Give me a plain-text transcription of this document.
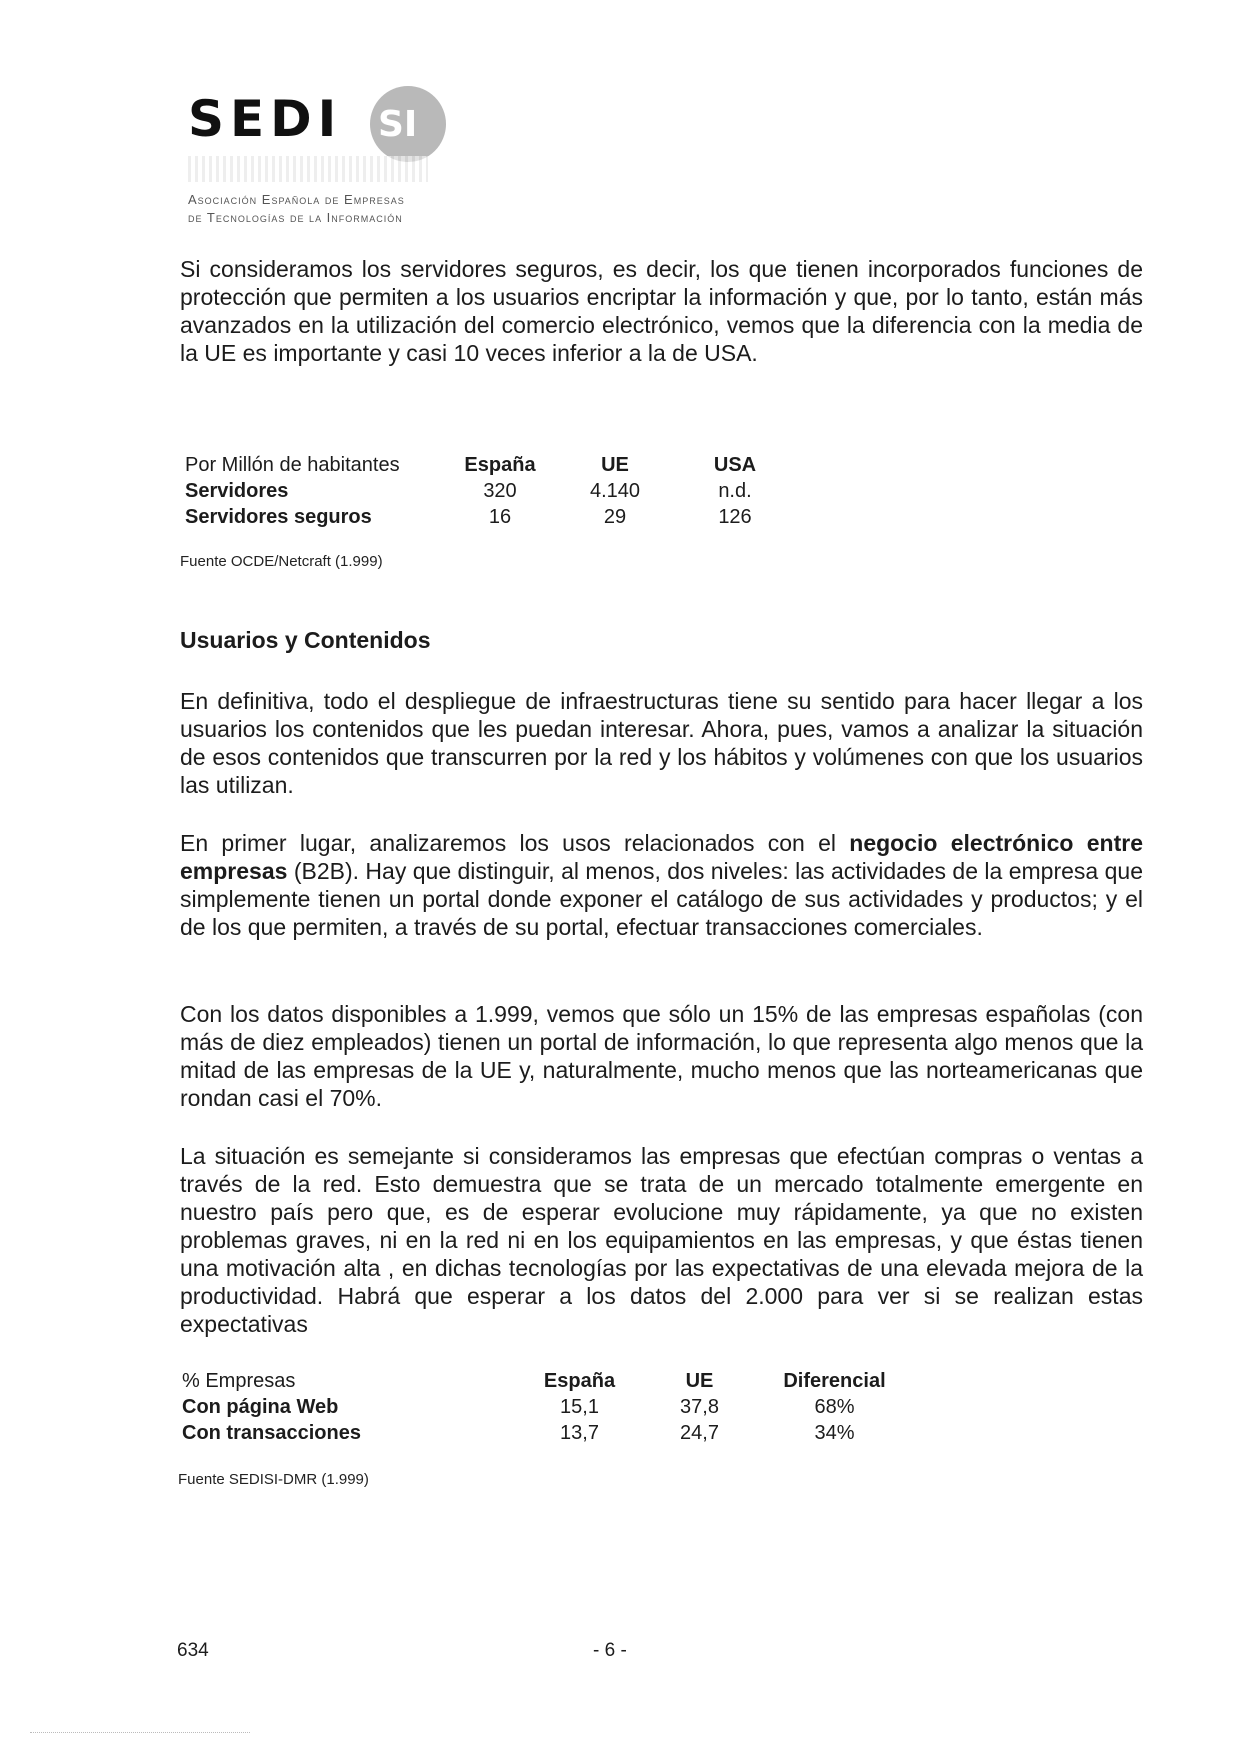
SEDI SI
Asociación Española de Empresas
de Tecnologías de la Información

Si consideramos los servidores seguros, es decir, los que tienen incorporados funciones de protección que permiten a los usuarios encriptar la información y que, por lo tanto, están más avanzados en la utilización del comercio electrónico, vemos que la diferencia con la media de la UE es importante y casi 10 veces inferior a la de USA.

Por Millón de habitantes	España	UE	USA
Servidores	320	4.140	n.d.
Servidores seguros	16	29	126
Fuente OCDE/Netcraft (1.999)
Usuarios y Contenidos

En definitiva, todo el despliegue de infraestructuras tiene su sentido para hacer llegar a los usuarios los contenidos que les puedan interesar. Ahora, pues, vamos a analizar la situación de esos contenidos que transcurren por la red y los hábitos y volúmenes con que los usuarios las utilizan.

En primer lugar, analizaremos los usos relacionados con el negocio electrónico entre empresas (B2B). Hay que distinguir, al menos, dos niveles: las actividades de la empresa que simplemente tienen un portal donde exponer el catálogo de sus actividades y productos; y el de los que permiten, a través de su portal, efectuar transacciones comerciales.

Con los datos disponibles a 1.999, vemos que sólo un 15% de las empresas españolas (con más de diez empleados) tienen un portal de información, lo que representa algo menos que la mitad de las empresas de la UE y, naturalmente, mucho menos que las norteamericanas que rondan casi el 70%.

La situación es semejante si consideramos las empresas que efectúan compras o ventas a través de la red. Esto demuestra que se trata de un mercado totalmente emergente en nuestro país pero que, es de esperar evolucione muy rápidamente, ya que no existen problemas graves, ni en la red ni en los equipamientos en las empresas, y que éstas tienen una motivación alta , en dichas tecnologías por las expectativas de una elevada mejora de la productividad. Habrá que esperar a los datos del 2.000 para ver si se realizan estas expectativas

% Empresas	España	UE	Diferencial
Con página Web	15,1	37,8	68%
Con transacciones	13,7	24,7	34%
Fuente SEDISI-DMR (1.999)
634	- 6 -
